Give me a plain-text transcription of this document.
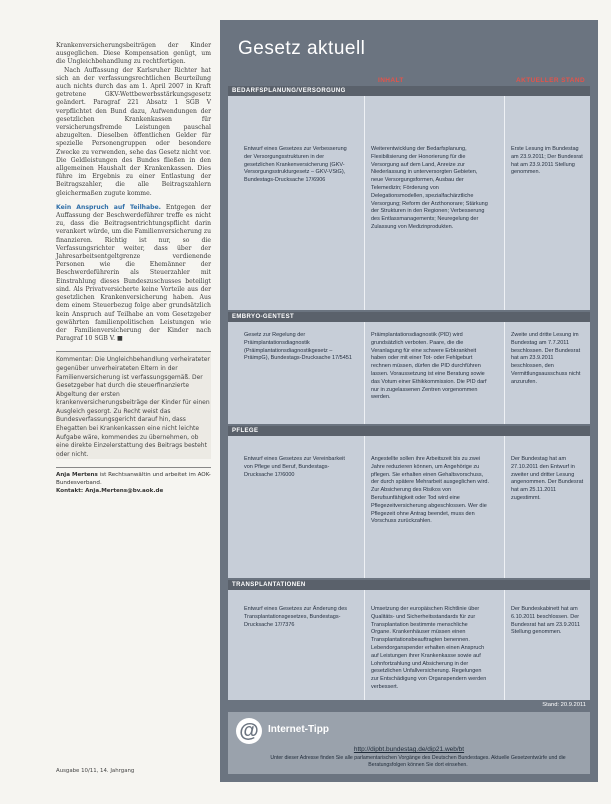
Krankenversicherungsbeiträgen der Kinder ausgeglichen. Diese Kompensation genügt, um die Ungleichbehandlung zu rechtfertigen.

Nach Auffassung der Karlsruher Richter hat sich an der verfassungsrechtlichen Beurteilung auch nichts durch das am 1. April 2007 in Kraft getretene GKV-Wettbewerbsstärkungsgesetz geändert. Paragraf 221 Absatz 1 SGB V verpflichtet den Bund dazu, Aufwendungen der gesetzlichen Krankenkassen für versicherungsfremde Leistungen pauschal abzugelten. Dieselben öffentlichen Gelder für spezielle Personengruppen oder besondere Zwecke zu verwenden, sehe das Gesetz nicht vor. Die Geldleistungen des Bundes fließen in den allgemeinen Haushalt der Krankenkassen. Dies führe im Ergebnis zu einer Entlastung der Beitragszahler, die alle Beitragszahlern gleichermaßen zugute komme.

Kein Anspruch auf Teilhabe. Entgegen der Auffassung der Beschwerdeführer treffe es nicht zu, dass die Beitragsentrichtungspflicht darin verankert würde, um die Familienversicherung zu finanzieren. Richtig ist nur, so die Verfassungsrichter weiter, dass über der Jahresarbeitsentgeltgrenze verdienende Personen wie die Ehemänner der Beschwerdeführerin als Steuerzahler mit Einstrahlung dieses Bundeszuschusses beteiligt sind. Als Privatversicherte keine Vorteile aus der gesetzlichen Krankenversicherung haben. Aus dem einem Steuerbezug folge aber grundsätzlich kein Anspruch auf Teilhabe an vom Gesetzgeber gewährten familienpolitischen Leistungen wie der Familienversicherung der Kinder nach Paragraf 10 SGB V. ■

Kommentar: Die Ungleichbehandlung verheirateter gegenüber unverheirateten Eltern in der Familienversicherung ist verfassungsgemäß. Der Gesetzgeber hat durch die steuerfinanzierte Abgeltung der ersten krankenversicherungsbeiträge der Kinder für einen Ausgleich gesorgt. Zu Recht weist das Bundesverfassungsgericht darauf hin, dass Ehegatten bei Krankenkassen eine nicht leichte Aufgabe wäre, kommendes zu übernehmen, ob eine direkte Einzelerstattung des Beitrags besteht oder nicht.
Anja Mertens ist Rechtsanwältin und arbeitet im AOK-Bundesverband.
Kontakt: Anja.Mertens@bv.aok.de
Ausgabe 10/11, 14. Jahrgang
Gesetz aktuell
INHALT	AKTUELLER STAND
BEDARFSPLANUNG/VERSORGUNG
Entwurf eines Gesetzes zur Verbesserung der Versorgungsstrukturen in der gesetzlichen Krankenversicherung (GKV-Versorgungsstrukturgesetz – GKV-VStG), Bundestags-Drucksache 17/6906
Weiterentwicklung der Bedarfsplanung, Flexibilisierung der Honorierung für die Versorgung auf dem Land, Anreize zur Niederlassung in unterversorgten Gebieten, neue Versorgungsformen, Ausbau der Telemedizin; Förderung von Delegationsmodellen, spezialfachärztliche Versorgung; Reform der Arzthonorare; Stärkung der Strukturen in den Regionen; Verbesserung des Entlassmanagements; Neuregelung der Zulassung von Medizinprodukten.
Erste Lesung im Bundestag am 23.9.2011; Der Bundesrat hat am 23.9.2011 Stellung genommen.
EMBRYO-GENTEST
Gesetz zur Regelung der Präimplantationsdiagnostik (Präimplantationsdiagnostikgesetz – PräimpG), Bundestags-Drucksache 17/5451
Präimplantationsdiagnostik (PID) wird grundsätzlich verboten. Paare, die die Veranlagung für eine schwere Erbkrankheit haben oder mit einer Tot- oder Fehlgeburt rechnen müssen, dürfen die PID durchführen lassen. Voraussetzung ist eine Beratung sowie das Votum einer Ethikkommission. Die PID darf nur in zugelassenen Zentren vorgenommen werden.
Zweite und dritte Lesung im Bundestag am 7.7.2011 beschlossen. Der Bundesrat hat am 23.9.2011 beschlossen, den Vermittlungsausschuss nicht anzurufen.
PFLEGE
Entwurf eines Gesetzes zur Vereinbarkeit von Pflege und Beruf, Bundestags-Drucksache 17/6000
Angestellte sollen ihre Arbeitszeit bis zu zwei Jahre reduzieren können, um Angehörige zu pflegen. Sie erhalten einen Gehaltsvorschuss, der durch spätere Mehrarbeit ausgeglichen wird. Zur Absicherung des Risikos von Berufsunfähigkeit oder Tod wird eine Pflegezeitversicherung abgeschlossen. Wer die Pflegezeit ohne Antrag beendet, muss den Vorschuss zurückzahlen.
Der Bundestag hat am 27.10.2011 den Entwurf in zweiter und dritter Lesung angenommen. Der Bundesrat hat am 25.11.2011 zugestimmt.
TRANSPLANTATIONEN
Entwurf eines Gesetzes zur Änderung des Transplantationsgesetzes, Bundestags-Drucksache 17/7376
Umsetzung der europäischen Richtlinie über Qualitäts- und Sicherheitsstandards für zur Transplantation bestimmte menschliche Organe. Krankenhäuser müssen einen Transplantationsbeauftragten benennen. Lebendorganspender erhalten einen Anspruch auf Leistungen ihrer Krankenkasse sowie auf Lohnfortzahlung und Absicherung in der gesetzlichen Unfallversicherung. Regelungen zur Entschädigung von Organspendern werden verbessert.
Der Bundeskabinett hat am 6.10.2011 beschlossen. Der Bundesrat hat am 23.9.2011 Stellung genommen.
Stand: 20.9.2011
@ Internet-Tipp
http://dipbt.bundestag.de/dip21.web/bt
Unter dieser Adresse finden Sie alle parlamentarischen Vorgänge des Deutschen Bundestages. Aktuelle Gesetzentwürfe und die Beratungsfolgen können Sie dort einsehen.
